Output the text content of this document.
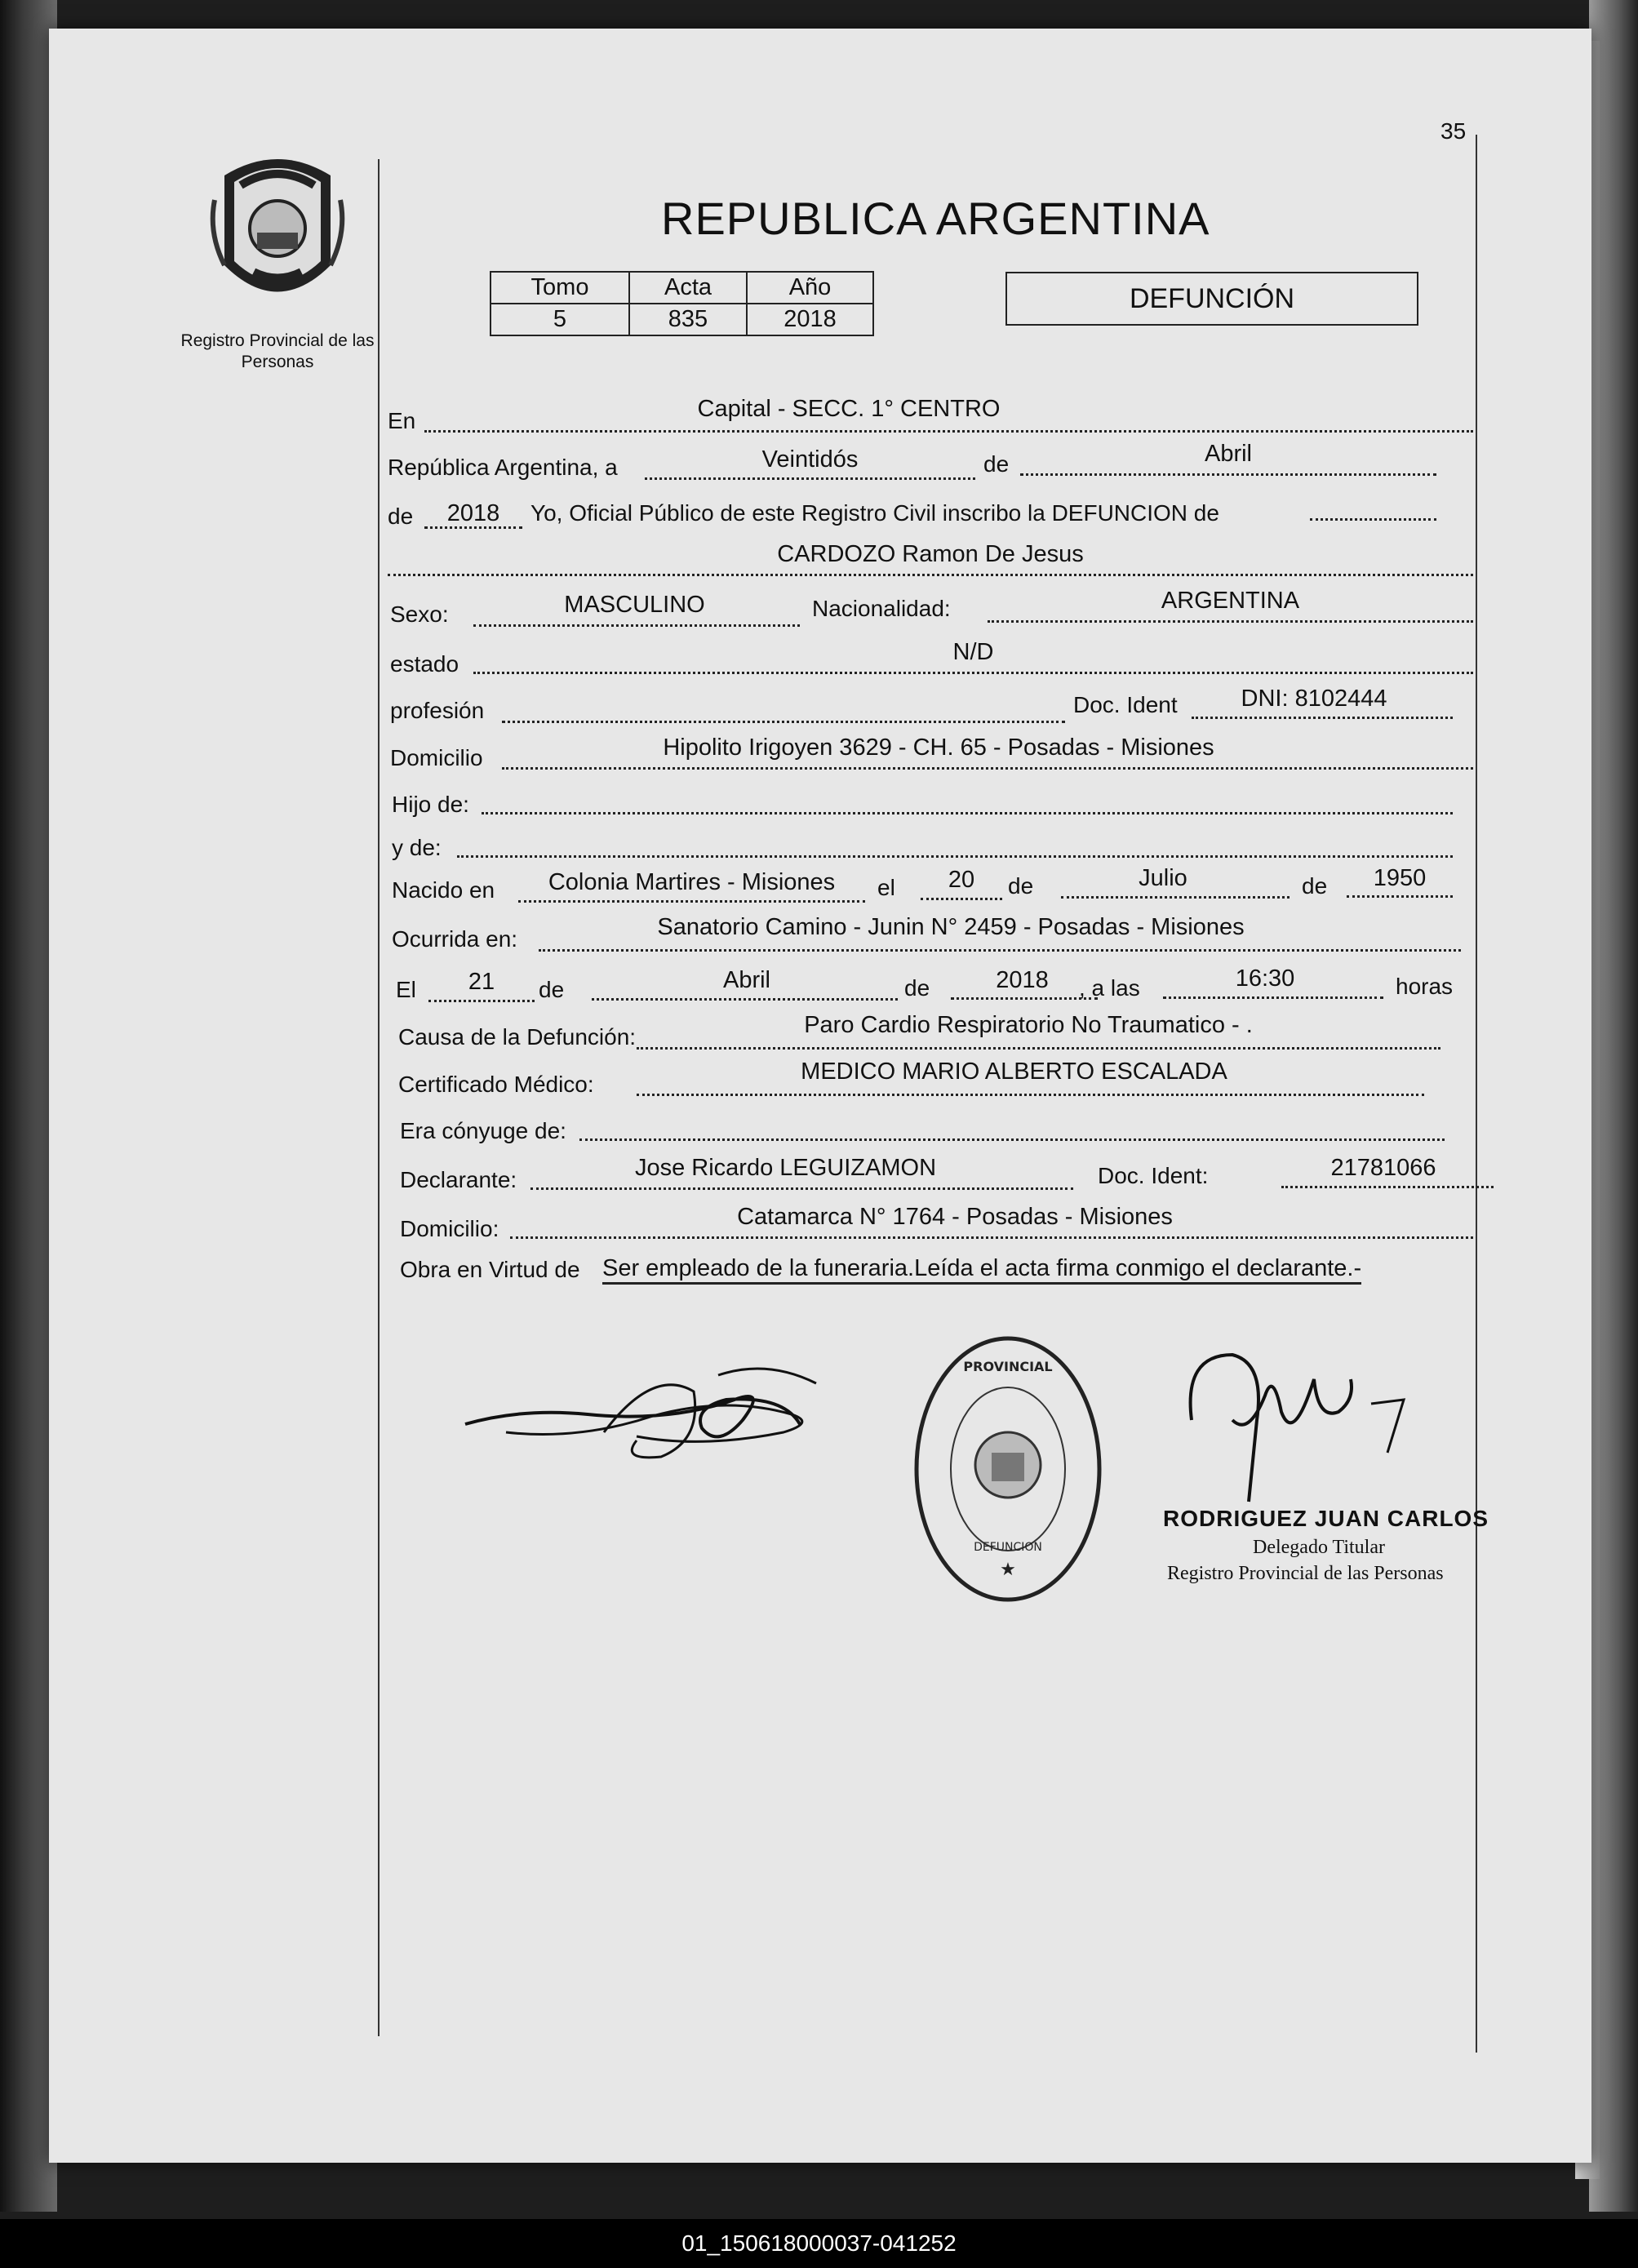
35
Registro Provincial de las Personas
REPUBLICA ARGENTINA
Tomo	Acta	Año
5	835	2018
DEFUNCIÓN
En	Capital - SECC. 1° CENTRO
República Argentina, a	Veintidós	de	Abril
de	2018	Yo, Oficial Público de este Registro Civil inscribo la DEFUNCION de
CARDOZO Ramon De Jesus
Sexo:	MASCULINO	Nacionalidad:	ARGENTINA
estado	N/D
profesión	Doc. Ident	DNI: 8102444
Domicilio	Hipolito Irigoyen 3629 - CH. 65 - Posadas - Misiones
Hijo de:
y de:
Nacido en	Colonia Martires - Misiones	el	20	de	Julio	de	1950
Ocurrida en:	Sanatorio Camino - Junin N° 2459 - Posadas - Misiones
El	21	de	Abril	de	2018	, a las	16:30	horas
Causa de la Defunción:	Paro Cardio Respiratorio No Traumatico - .
Certificado Médico:	MEDICO MARIO ALBERTO ESCALADA
Era cónyuge de:
Declarante:	Jose Ricardo LEGUIZAMON	Doc. Ident:	21781066
Domicilio:	Catamarca N° 1764 - Posadas - Misiones
Obra en Virtud de Ser empleado de la funeraria.Leída el acta firma conmigo el declarante.-
★
PROVINCIAL
DEFUNCION
RODRIGUEZ JUAN CARLOS
Delegado Titular
Registro Provincial de las Personas
01_150618000037-041252
